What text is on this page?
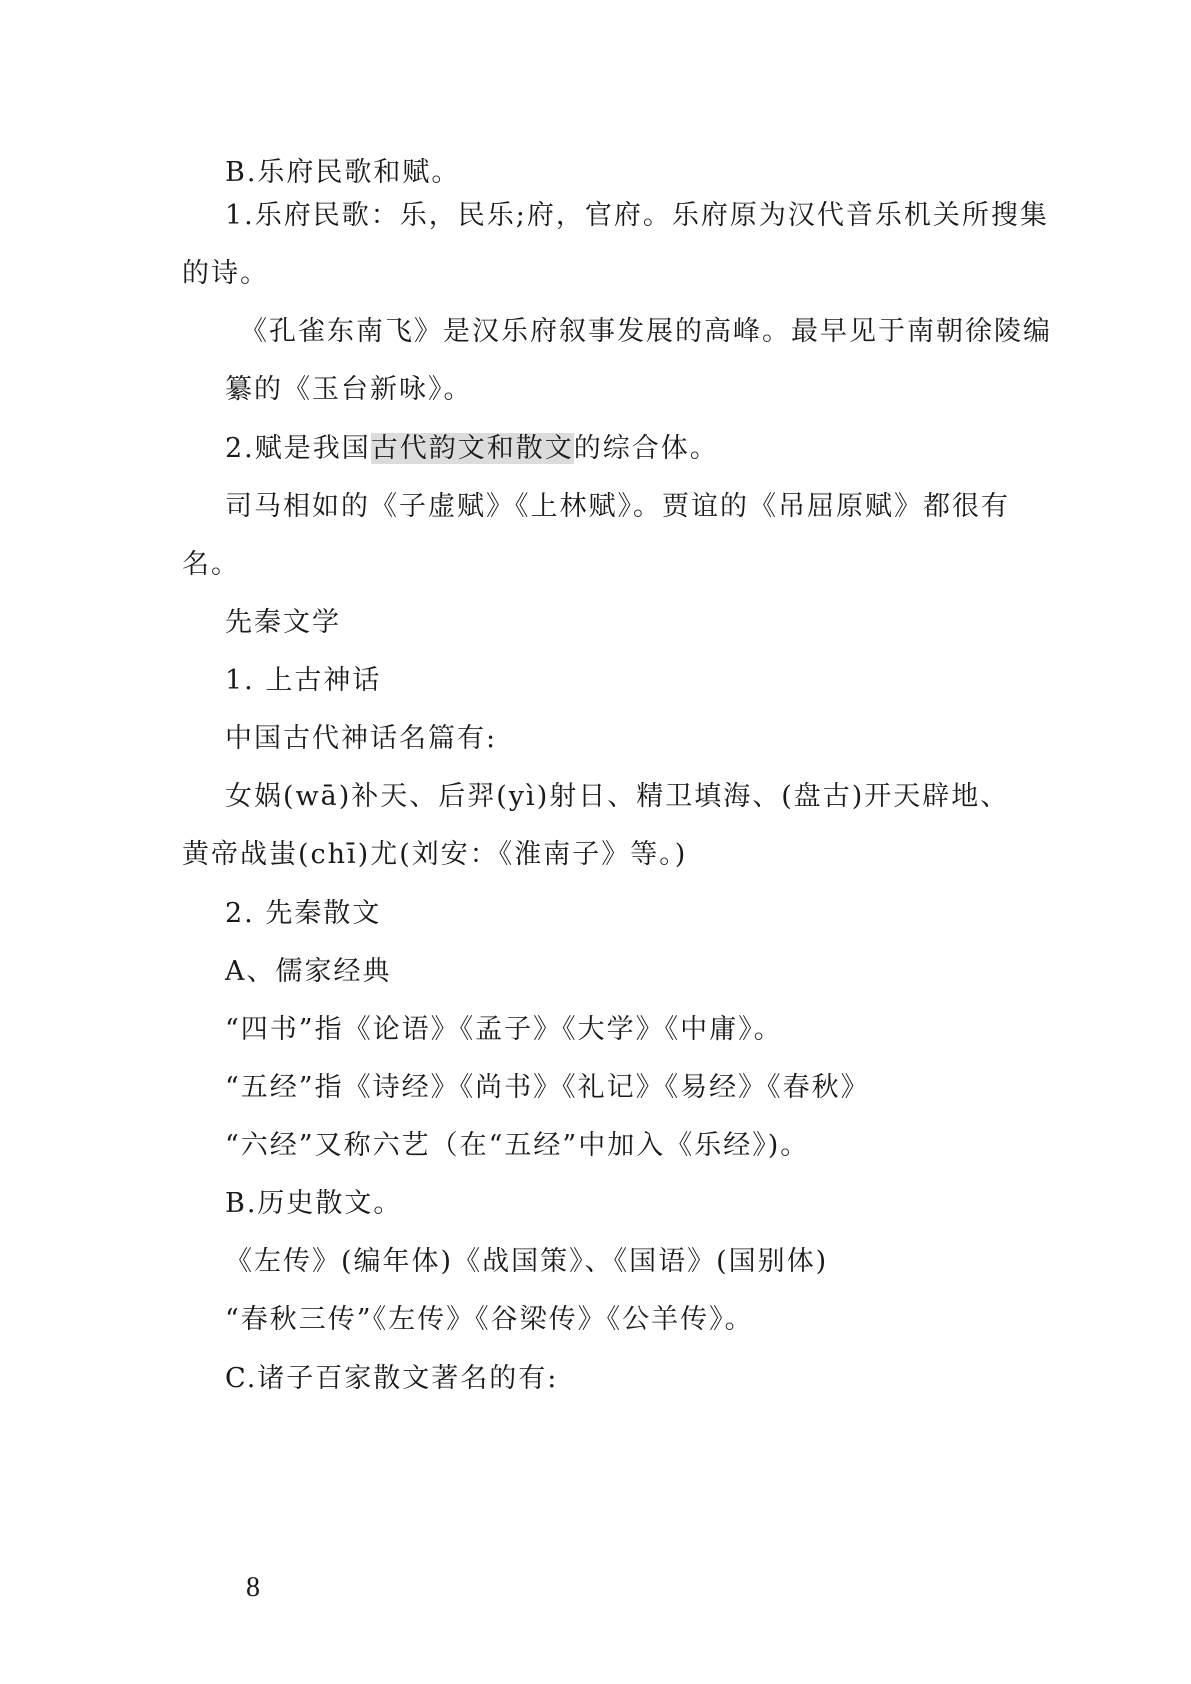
B.乐府民歌和赋。
1.乐府民歌：乐，民乐;府，官府。乐府原为汉代音乐机关所搜集
的诗。
《孔雀东南飞》是汉乐府叙事发展的高峰。最早见于南朝徐陵编
纂的《玉台新咏》。
2.赋是我国古代韵文和散文的综合体。
司马相如的《子虚赋》《上林赋》。贾谊的《吊屈原赋》都很有
名。
先秦文学
1. 上古神话
中国古代神话名篇有:
女娲(wā)补天、后羿(yì)射日、精卫填海、(盘古)开天辟地、
黄帝战蚩(chī)尤(刘安：《淮南子》等。)
2. 先秦散文
A、儒家经典
“四书”指《论语》《孟子》《大学》《中庸》。
“五经”指《诗经》《尚书》《礼记》《易经》《春秋》
“六经”又称六艺（在“五经”中加入《乐经》)。
B.历史散文。
《左传》(编年体)《战国策》、《国语》(国别体)
“春秋三传”《左传》《谷梁传》《公羊传》。
C.诸子百家散文著名的有:
8
